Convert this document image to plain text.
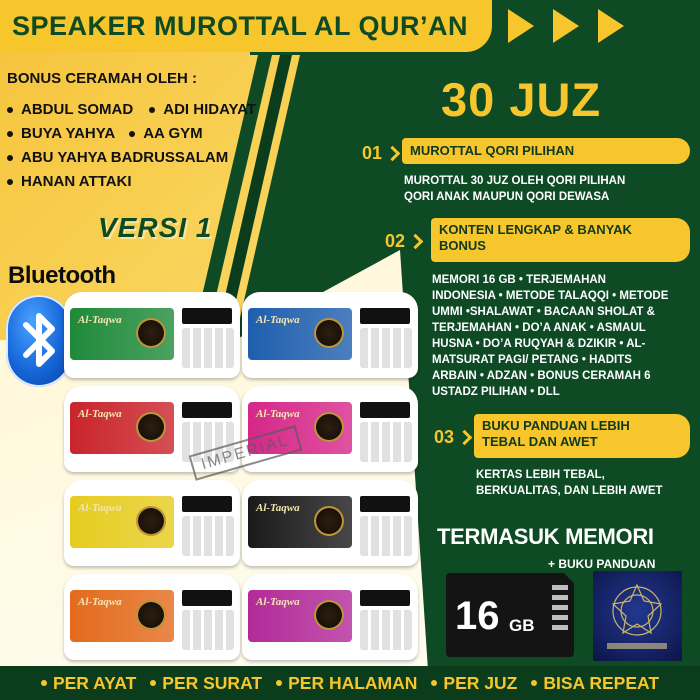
SPEAKER MUROTTAL AL QUR’AN
BONUS CERAMAH OLEH :
ABDUL SOMAD ADI HIDAYAT
BUYA YAHYA AA GYM
ABU YAHYA BADRUSSALAM
HANAN ATTAKI
VERSI 1
Bluetooth
Al-Taqwa	Al-Taqwa
Al-Taqwa	Al-Taqwa
Al-Taqwa	Al-Taqwa
Al-Taqwa	Al-Taqwa
IMPERIAL
30 JUZ
01	MUROTTAL QORI PILIHAN
MUROTTAL 30 JUZ OLEH QORI PILIHAN
QORI ANAK MAUPUN QORI DEWASA
02
KONTEN LENGKAP & BANYAK
BONUS
MEMORI 16 GB • TERJEMAHAN
INDONESIA • METODE TALAQQI • METODE
UMMI •SHALAWAT • BACAAN SHOLAT &
TERJEMAHAN • DO’A ANAK • ASMAUL
HUSNA • DO’A RUQYAH & DZIKIR • AL-
MATSURAT PAGI/ PETANG • HADITS
ARBAIN • ADZAN • BONUS CERAMAH 6
USTADZ PILIHAN • DLL
03
BUKU PANDUAN LEBIH
TEBAL DAN AWET
KERTAS LEBIH TEBAL,
BERKUALITAS, DAN LEBIH AWET
TERMASUK MEMORI
+ BUKU PANDUAN
16 GB
PER AYAT PER SURAT PER HALAMAN PER JUZ BISA REPEAT
